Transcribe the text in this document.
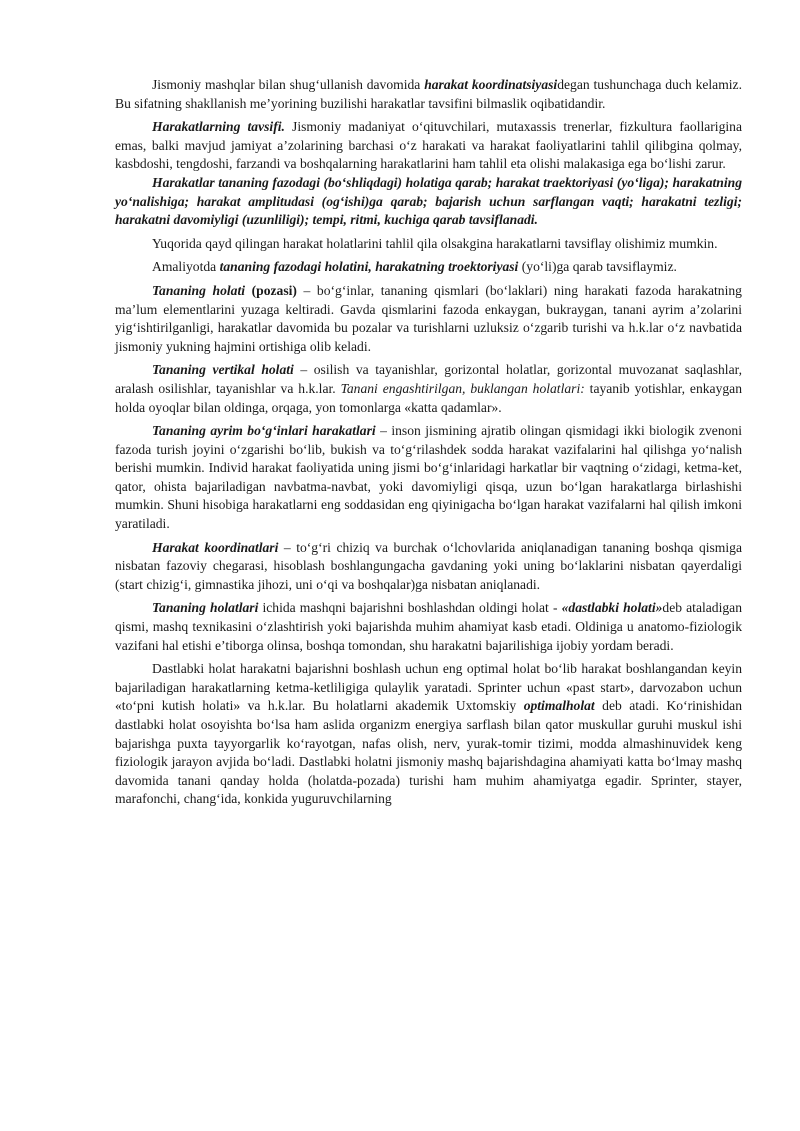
Jismoniy mashqlar bilan shug‘ullanish davomida harakat koordinatsiyasidegan tushunchaga duch kelamiz. Bu sifatning shakllanish me’yorining buzilishi harakatlar tavsifini bilmaslik oqibatidandir.

Harakatlarning tavsifi. Jismoniy madaniyat o‘qituvchilari, mutaxassis trenerlar, fizkultura faollarigina emas, balki mavjud jamiyat a’zolarining barchasi o‘z harakati va harakat faoliyatlarini tahlil qilibgina qolmay, kasbdoshi, tengdoshi, farzandi va boshqalarning harakatlarini ham tahlil eta olishi malakasiga ega bo‘lishi zarur.

Harakatlar tananing fazodagi (bo‘shliqdagi) holatiga qarab; harakat traektoriyasi (yo‘liga); harakatning yo‘nalishiga; harakat amplitudasi (og‘ishi)ga qarab; bajarish uchun sarflangan vaqti; harakatni tezligi; harakatni davomiyligi (uzunliligi); tempi, ritmi, kuchiga qarab tavsiflanadi.

Yuqorida qayd qilingan harakat holatlarini tahlil qila olsakgina harakatlarni tavsiflay olishimiz mumkin.

Amaliyotda tananing fazodagi holatini, harakatning troektoriyasi (yo‘li)ga qarab tavsiflaymiz.

Tananing holati (pozasi) – bo‘g‘inlar, tananing qismlari (bo‘laklari) ning harakati fazoda harakatning ma’lum elementlarini yuzaga keltiradi. Gavda qismlarini fazoda enkaygan, bukraygan, tanani ayrim a’zolarini yig‘ishtirilganligi, harakatlar davomida bu pozalar va turishlarni uzluksiz o‘zgarib turishi va h.k.lar o‘z navbatida jismoniy yukning hajmini ortishiga olib keladi.

Tananing vertikal holati – osilish va tayanishlar, gorizontal holatlar, gorizontal muvozanat saqlashlar, aralash osilishlar, tayanishlar va h.k.lar. Tanani engashtirilgan, buklangan holatlari: tayanib yotishlar, enkaygan holda oyoqlar bilan oldinga, orqaga, yon tomonlarga «katta qadamlar».

Tananing ayrim bo‘g‘inlari harakatlari – inson jismining ajratib olingan qismidagi ikki biologik zvenoni fazoda turish joyini o‘zgarishi bo‘lib, bukish va to‘g‘rilashdek sodda harakat vazifalarini hal qilishga yo‘nalish berishi mumkin. Individ harakat faoliyatida uning jismi bo‘g‘inlaridagi harkatlar bir vaqtning o‘zidagi, ketma-ket, qator, ohista bajariladigan navbatma-navbat, yoki davomiyligi qisqa, uzun bo‘lgan harakatlarga birlashishi mumkin. Shuni hisobiga harakatlarni eng soddasidan eng qiyinigacha bo‘lgan harakat vazifalarni hal qilish imkoni yaratiladi.

Harakat koordinatlari – to‘g‘ri chiziq va burchak o‘lchovlarida aniqlanadigan tananing boshqa qismiga nisbatan fazoviy chegarasi, hisoblash boshlangungacha gavdaning yoki uning bo‘laklarini nisbatan qayerdaligi (start chizig‘i, gimnastika jihozi, uni o‘qi va boshqalar)ga nisbatan aniqlanadi.

Tananing holatlari ichida mashqni bajarishni boshlashdan oldingi holat - «dastlabki holati»deb ataladigan qismi, mashq texnikasini o‘zlashtirish yoki bajarishda muhim ahamiyat kasb etadi. Oldiniga u anatomo-fiziologik vazifani hal etishi e’tiborga olinsa, boshqa tomondan, shu harakatni bajarilishiga ijobiy yordam beradi.

Dastlabki holat harakatni bajarishni boshlash uchun eng optimal holat bo‘lib harakat boshlangandan keyin bajariladigan harakatlarning ketma-ketliligiga qulaylik yaratadi. Sprinter uchun «past start», darvozabon uchun «to‘pni kutish holati» va h.k.lar. Bu holatlarni akademik Uxtomskiy optimalholat deb atadi. Ko‘rinishidan dastlabki holat osoyishta bo‘lsa ham aslida organizm energiya sarflash bilan qator muskullar guruhi muskul ishi bajarishga puxta tayyorgarlik ko‘rayotgan, nafas olish, nerv, yurak-tomir tizimi, modda almashinuvidek keng fiziologik jarayon avjida bo‘ladi. Dastlabki holatni jismoniy mashq bajarishdagina ahamiyati katta bo‘lmay mashq davomida tanani qanday holda (holatda-pozada) turishi ham muhim ahamiyatga egadir. Sprinter, stayer, marafonchi, chang‘ida, konkida yuguruvchilarning
